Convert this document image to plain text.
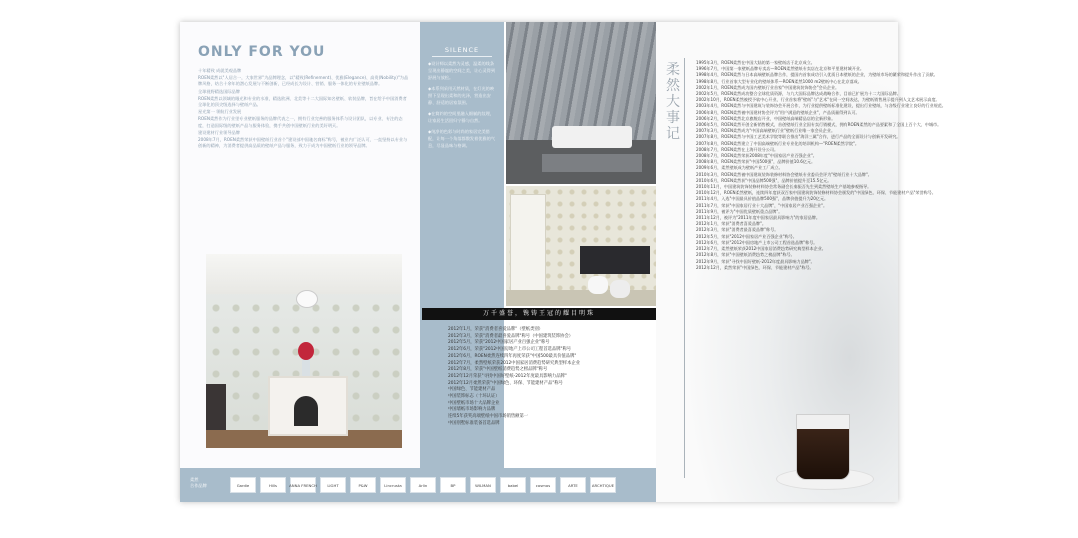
ONLY FOR YOU

十年精致 成就美观品牌

ROEN柔然以"人居合一，大家世界"为品牌理念，以"精致(Refinement)、优雅(Elegance)、高贵(Nobility)"为品牌风格，结合十余年的潜心发展与不断创新，已经成长为设计、营销、服务一体化的专业壁纸品牌。

全球视野精选国际品牌

ROEN柔然以领域的眼光和专业的水准，精选欧洲、北美等十二大国际知名壁纸、软装品牌，旨在给予中国消费者全球化的顶尖级选择与壁纸产品。

星光第一 领航行业发展

ROEN柔然作为行业里专业壁纸服务的品牌代表之一，拥有行业完善的服务体系与设计团队，以专业、专注的态度，打造国际级的壁纸产品与服务体验，携手共创中国壁纸行业的美好明天。

建设建材行业领导品牌

2008年7月，ROEN柔然荣获中国壁纸行业首个"建设部中国驰名商标"称号，被业内广泛认可，一直坚持以专业与创新的精神，为消费者提供高品质的壁纸产品与服务，致力于成为中国壁纸行业的领导品牌。

SILENCE

◆设计师以柔然为灵感，温柔的线条呈现出静谧的空间之美，让心灵得到舒展与放松。

◆本系列采用天然材质，在灯光的映照下呈现出柔和的光泽，营造出安静、舒适的居家氛围。

◆在简约的空间里融入细腻的纹理，让家居生活回归宁静与自然。

◆纯净的色彩与时尚的家居完美搭配，让每一个角落都散发着优雅的气息，尽显品味与格调。

万千盛誉，镌铸王冠的耀目明珠
2012年1月，荣获"消费者喜爱品牌"（壁纸类别）
2012年3月，荣获"消费者最喜爱品牌"称号（中国建筑装饰协会）
2012年5月，荣获"2012中国家居产业百强企业"称号
2012年6月，荣获"2012中国房地产上市公司工程首选品牌"称号
2012年6月，ROEN柔然连续四年再度荣获"中国500最具价值品牌"
2012年7月，柔然壁纸荣获2012中国家居消费趋势研究典型样本企业
2012年8月，荣获"中国壁纸消费趋势之榜品牌"称号
2012年12月荣获"寻找中国好壁纸-2012年度最具影响力品牌"
2012年12月柔然荣获"中国绿色、环保、节能建材产品"称号
中国绿色、节能建材产品
中国装饰标志（十环认证）
中国壁纸市场十大品牌企业
中国墙纸市场影响力品牌
连续5年获奖高端壁纸中国市场销售额第一
中国别墅标准装备首选品牌
柔然大事记
1995年3月，ROEN柔然在中国大陆的第一家壁纸店于北京成立。
1996年7月，中国第一家壁纸品牌专卖店—ROEN柔然壁纸专卖店在北京和平里建材城开业。
1998年4月，ROEN柔然与日本高端壁纸品牌合作，提国内首家成功引入优质日本壁纸的企业，为壁纸市场的繁荣和提升作出了贡献。
1998年8月，行业首家大型专业化的壁纸体系—ROEN柔然1000 m2壁纸中心在北京落成。
2002年1月，ROEN柔然成为国内壁纸行业首家"中国建筑装饰协会"会员企业。
2002年5月，ROEN柔然成功整合全球优质资源，与九大国际品牌达成战略合作，目前已扩展为十二大国际品牌。
2002年10月，ROEN柔然被授予软中心开业，行业首家将"壁纸"与"艺术"在同一空间表达，为壁纸销售展示提升到人文艺术展示高度。
2003年4月，ROEN柔然与中国建筑与装饰协会开展合作，为行业提供壁纸标准化建设，提出行业壁纸，与各级行业建立良好的行业规范。
2006年8月，ROEN柔然被中国建材协会评为"用户满意的壁纸企业"，产品质量得到认可。
2006年2月，ROEN柔然北京旗舰店开业，中国壁纸高端精品店的全新形象。
2006年5月，ROEN柔然开创全新销售模式，首创壁纸行业全国专卖行销模式，拥有ROEN柔然的产品要素和了全国上百个大、中城市。
2007年3月，ROEN柔然成为"中国高端壁纸行业"壁纸行业唯一家会员企业。
2007年8月，ROEN柔然与中国工艺美术学院等联合推出"海洋三属"合作，进行产品的全面设计与创新开发研究。
2007年8月，ROEN柔然建立了中国高端壁纸行业专业化的培训机构—"ROEN柔然学院"。
2008年7月，ROEN柔然在上海开设分公司。
2008年7月，ROEN柔然荣获2008年度"中国家居产业百强企业"。
2008年8月，ROEN柔然荣获"中国500强"，品牌价值10.6亿元。
2009年6月，柔然壁纸成为壁纸产业工厂成立。
2010年3月，ROEN柔然被中国建筑装饰装修材料协会壁纸专业委员会评为"壁纸行业十大品牌"。
2010年6月，ROEN柔然获"中国品牌500强"，品牌价值提升至15.5亿元。
2010年11月，中国建筑装饰装修材料协会常务副会长秦振吾先生到柔然壁纸生产基地参观指导。
2010年12月，ROEN柔然壁纸，连续四年度获双百家中国建筑装饰装修材料协会颁发的"中国绿色、环保、节能建材产品"荣誉称号。
2011年4月，入选"中国最具价值品牌500强"，品牌价值提升为20亿元。
2011年7月，荣获"中国家居行业十大品牌"，"中国家居产业百强企业"。
2011年9月，被评为"中国优质壁纸重点品牌"。
2011年12月，被评为"2011年度中国家居最具影响力"的家居品牌。
2012年1月，荣获"消费者喜爱品牌"。
2012年3月，荣获"消费者最喜爱品牌"称号。
2012年5月，荣获"2012中国家居产业百强企业"称号。
2012年6月，荣获"2012中国房地产上市公司工程首选品牌"称号。
2012年7月，柔然壁纸荣获2012中国家居消费趋势研究典型样本企业。
2012年8月，荣获"中国壁纸消费趋势之榜品牌"称号。
2012年9月，荣获"寻找中国好壁纸-2012年度最具影响力品牌"。
2012年12月，柔然荣获"中国绿色、环保、节能建材产品"称号。
柔然
合作品牌	Gardie	Hills	ANNA FRENCH	LIGHT	P&W	Lincrusta	Arlin	BP	WILMAN	babel	cosmos	ARTE	ARCHTIQUE
